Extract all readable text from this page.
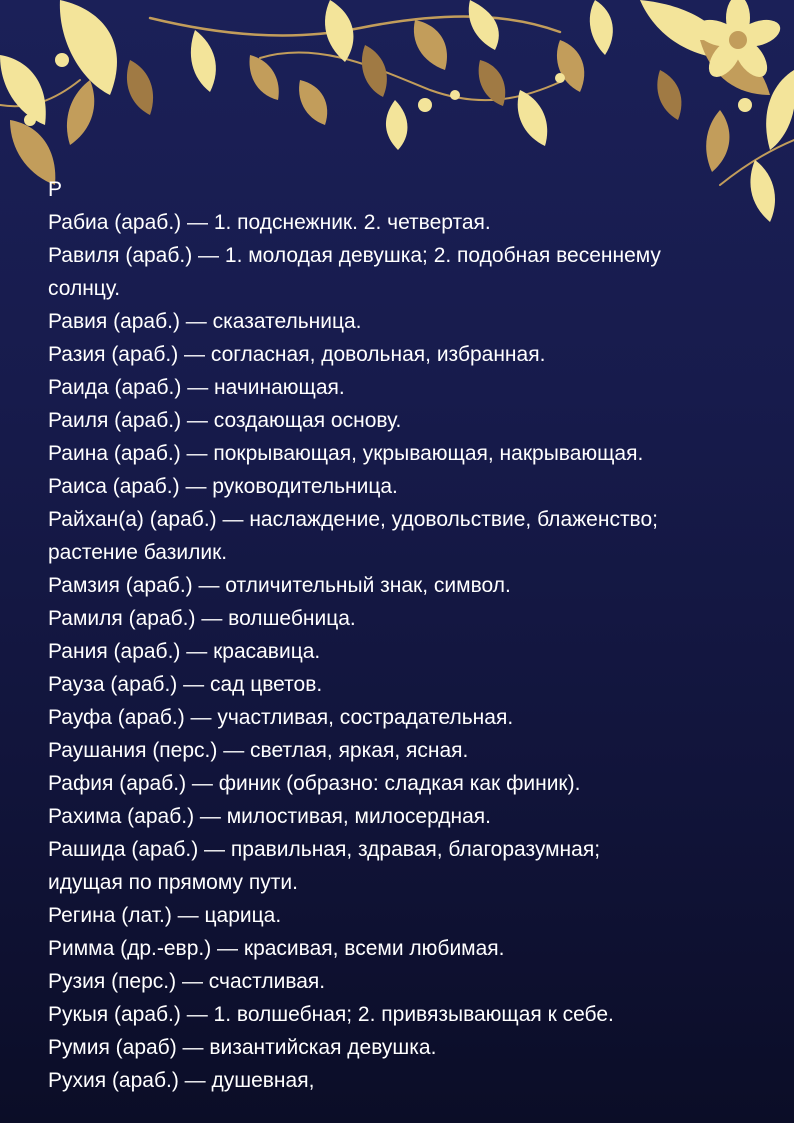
Р
Рабиа (араб.) — 1. подснежник. 2. четвертая.
Равиля (араб.) — 1. молодая девушка; 2. подобная весеннему
солнцу.
Равия (араб.) — сказательница.
Разия (араб.) — согласная, довольная, избранная.
Раида (араб.) — начинающая.
Раиля (араб.) — создающая основу.
Раина (араб.) — покрывающая, укрывающая, накрывающая.
Раиса (араб.) — руководительница.
Райхан(а) (араб.) — наслаждение, удовольствие, блаженство;
растение базилик.
Рамзия (араб.) — отличительный знак, символ.
Рамиля (араб.) — волшебница.
Рания (араб.) — красавица.
Рауза (араб.) — сад цветов.
Рауфа (араб.) — участливая, сострадательная.
Раушания (перс.) — светлая, яркая, ясная.
Рафия (араб.) — финик (образно: сладкая как финик).
Рахима (араб.) — милостивая, милосердная.
Рашида (араб.) — правильная, здравая, благоразумная;
идущая по прямому пути.
Регина (лат.) — царица.
Римма (др.-евр.) — красивая, всеми любимая.
Рузия (перс.) — счастливая.
Рукыя (араб.) — 1. волшебная; 2. привязывающая к себе.
Румия (араб) — византийская девушка.
Рухия (араб.) — душевная,
